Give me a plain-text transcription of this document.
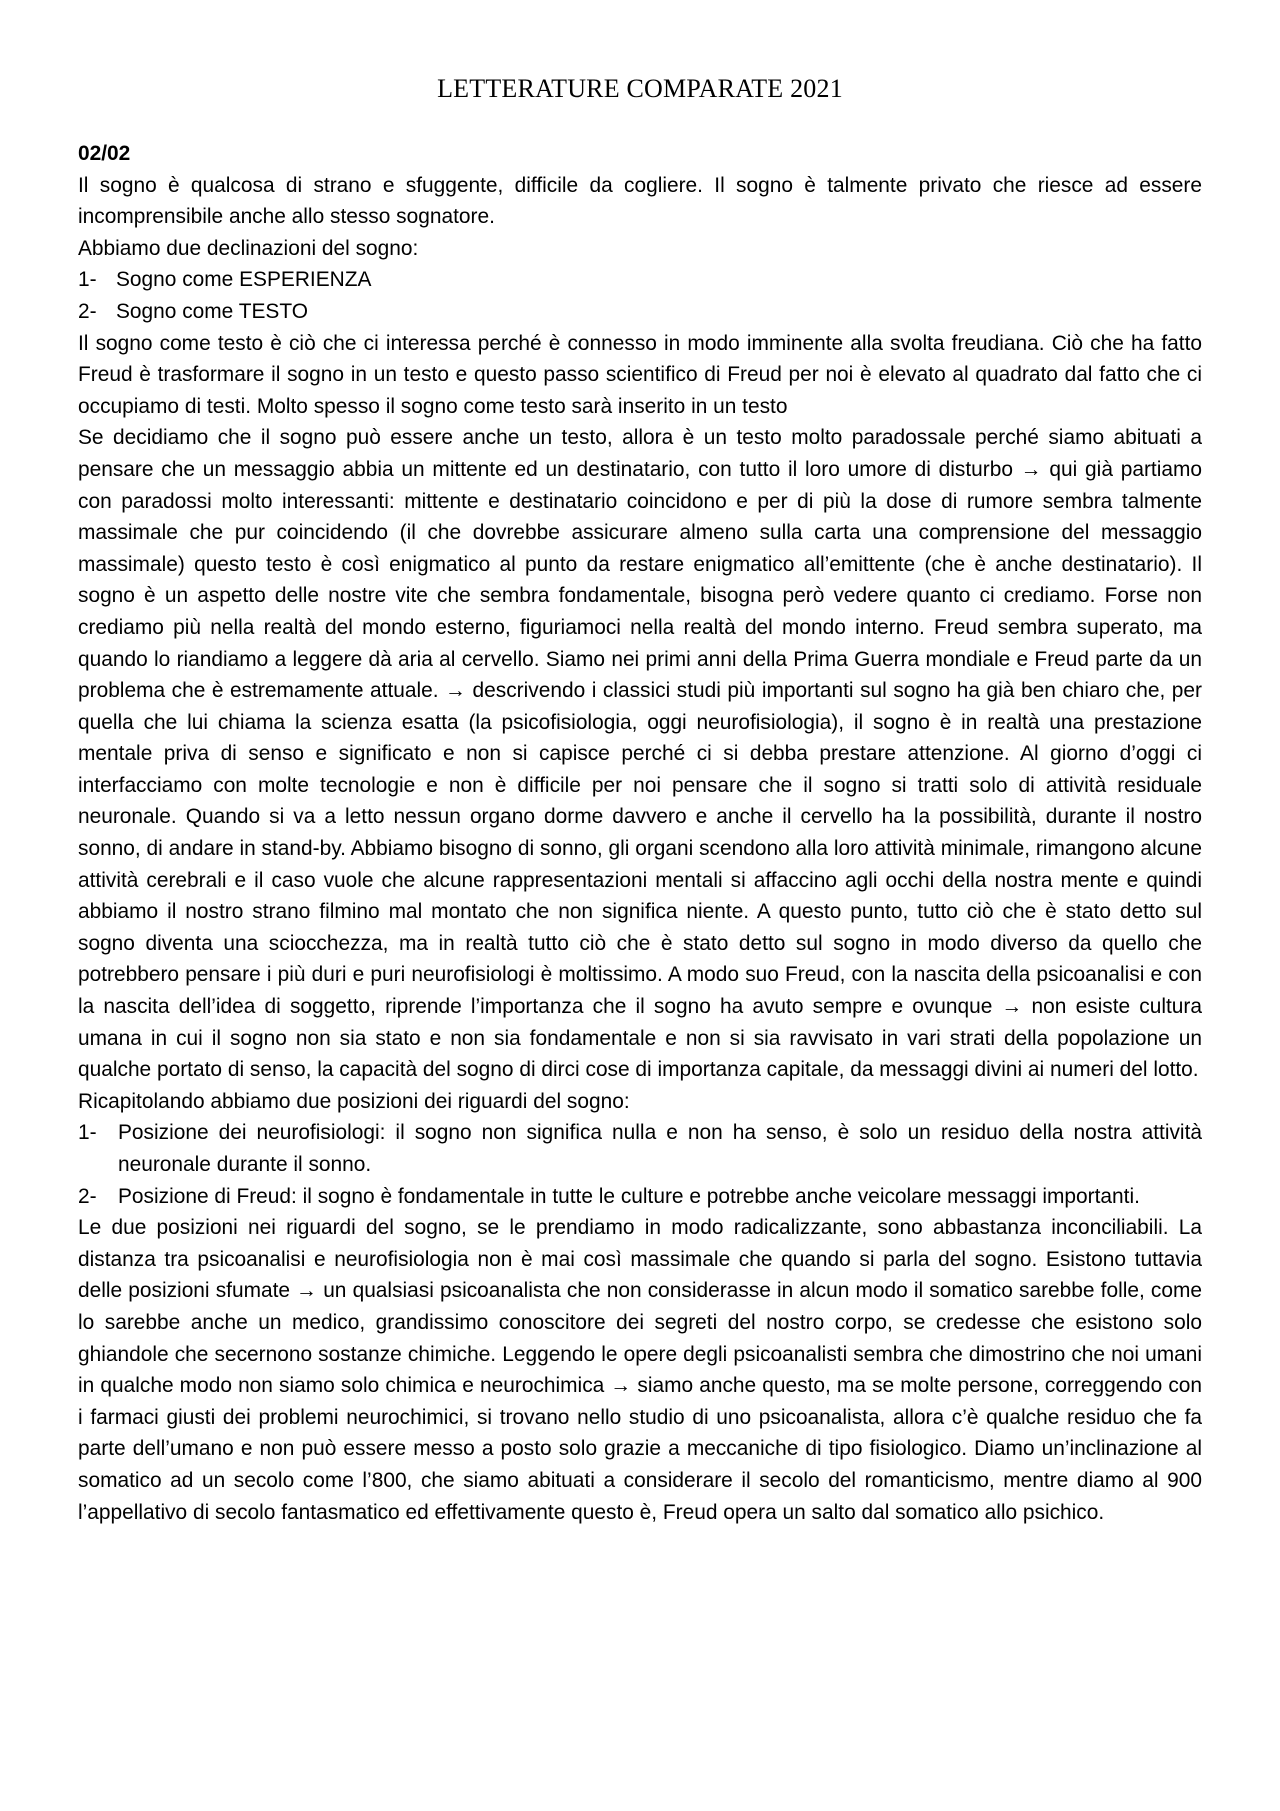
LETTERATURE COMPARATE 2021

02/02

Il sogno è qualcosa di strano e sfuggente, difficile da cogliere. Il sogno è talmente privato che riesce ad essere incomprensibile anche allo stesso sognatore.

Abbiamo due declinazioni del sogno:

1- Sogno come ESPERIENZA
2- Sogno come TESTO

Il sogno come testo è ciò che ci interessa perché è connesso in modo imminente alla svolta freudiana. Ciò che ha fatto Freud è trasformare il sogno in un testo e questo passo scientifico di Freud per noi è elevato al quadrato dal fatto che ci occupiamo di testi. Molto spesso il sogno come testo sarà inserito in un testo

Se decidiamo che il sogno può essere anche un testo, allora è un testo molto paradossale perché siamo abituati a pensare che un messaggio abbia un mittente ed un destinatario, con tutto il loro umore di disturbo → qui già partiamo con paradossi molto interessanti: mittente e destinatario coincidono e per di più la dose di rumore sembra talmente massimale che pur coincidendo (il che dovrebbe assicurare almeno sulla carta una comprensione del messaggio massimale) questo testo è così enigmatico al punto da restare enigmatico all’emittente (che è anche destinatario). Il sogno è un aspetto delle nostre vite che sembra fondamentale, bisogna però vedere quanto ci crediamo. Forse non crediamo più nella realtà del mondo esterno, figuriamoci nella realtà del mondo interno. Freud sembra superato, ma quando lo riandiamo a leggere dà aria al cervello. Siamo nei primi anni della Prima Guerra mondiale e Freud parte da un problema che è estremamente attuale. → descrivendo i classici studi più importanti sul sogno ha già ben chiaro che, per quella che lui chiama la scienza esatta (la psicofisiologia, oggi neurofisiologia), il sogno è in realtà una prestazione mentale priva di senso e significato e non si capisce perché ci si debba prestare attenzione. Al giorno d’oggi ci interfacciamo con molte tecnologie e non è difficile per noi pensare che il sogno si tratti solo di attività residuale neuronale. Quando si va a letto nessun organo dorme davvero e anche il cervello ha la possibilità, durante il nostro sonno, di andare in stand-by. Abbiamo bisogno di sonno, gli organi scendono alla loro attività minimale, rimangono alcune attività cerebrali e il caso vuole che alcune rappresentazioni mentali si affaccino agli occhi della nostra mente e quindi abbiamo il nostro strano filmino mal montato che non significa niente. A questo punto, tutto ciò che è stato detto sul sogno diventa una sciocchezza, ma in realtà tutto ciò che è stato detto sul sogno in modo diverso da quello che potrebbero pensare i più duri e puri neurofisiologi è moltissimo. A modo suo Freud, con la nascita della psicoanalisi e con la nascita dell’idea di soggetto, riprende l’importanza che il sogno ha avuto sempre e ovunque → non esiste cultura umana in cui il sogno non sia stato e non sia fondamentale e non si sia ravvisato in vari strati della popolazione un qualche portato di senso, la capacità del sogno di dirci cose di importanza capitale, da messaggi divini ai numeri del lotto.

Ricapitolando abbiamo due posizioni dei riguardi del sogno:

1-	Posizione dei neurofisiologi: il sogno non significa nulla e non ha senso, è solo un residuo della nostra attività neuronale durante il sonno.
2-	Posizione di Freud: il sogno è fondamentale in tutte le culture e potrebbe anche veicolare messaggi importanti.

Le due posizioni nei riguardi del sogno, se le prendiamo in modo radicalizzante, sono abbastanza inconciliabili. La distanza tra psicoanalisi e neurofisiologia non è mai così massimale che quando si parla del sogno. Esistono tuttavia delle posizioni sfumate → un qualsiasi psicoanalista che non considerasse in alcun modo il somatico sarebbe folle, come lo sarebbe anche un medico, grandissimo conoscitore dei segreti del nostro corpo, se credesse che esistono solo ghiandole che secernono sostanze chimiche. Leggendo le opere degli psicoanalisti sembra che dimostrino che noi umani in qualche modo non siamo solo chimica e neurochimica → siamo anche questo, ma se molte persone, correggendo con i farmaci giusti dei problemi neurochimici, si trovano nello studio di uno psicoanalista, allora c’è qualche residuo che fa parte dell’umano e non può essere messo a posto solo grazie a meccaniche di tipo fisiologico. Diamo un’inclinazione al somatico ad un secolo come l’800, che siamo abituati a considerare il secolo del romanticismo, mentre diamo al 900 l’appellativo di secolo fantasmatico ed effettivamente questo è, Freud opera un salto dal somatico allo psichico.
